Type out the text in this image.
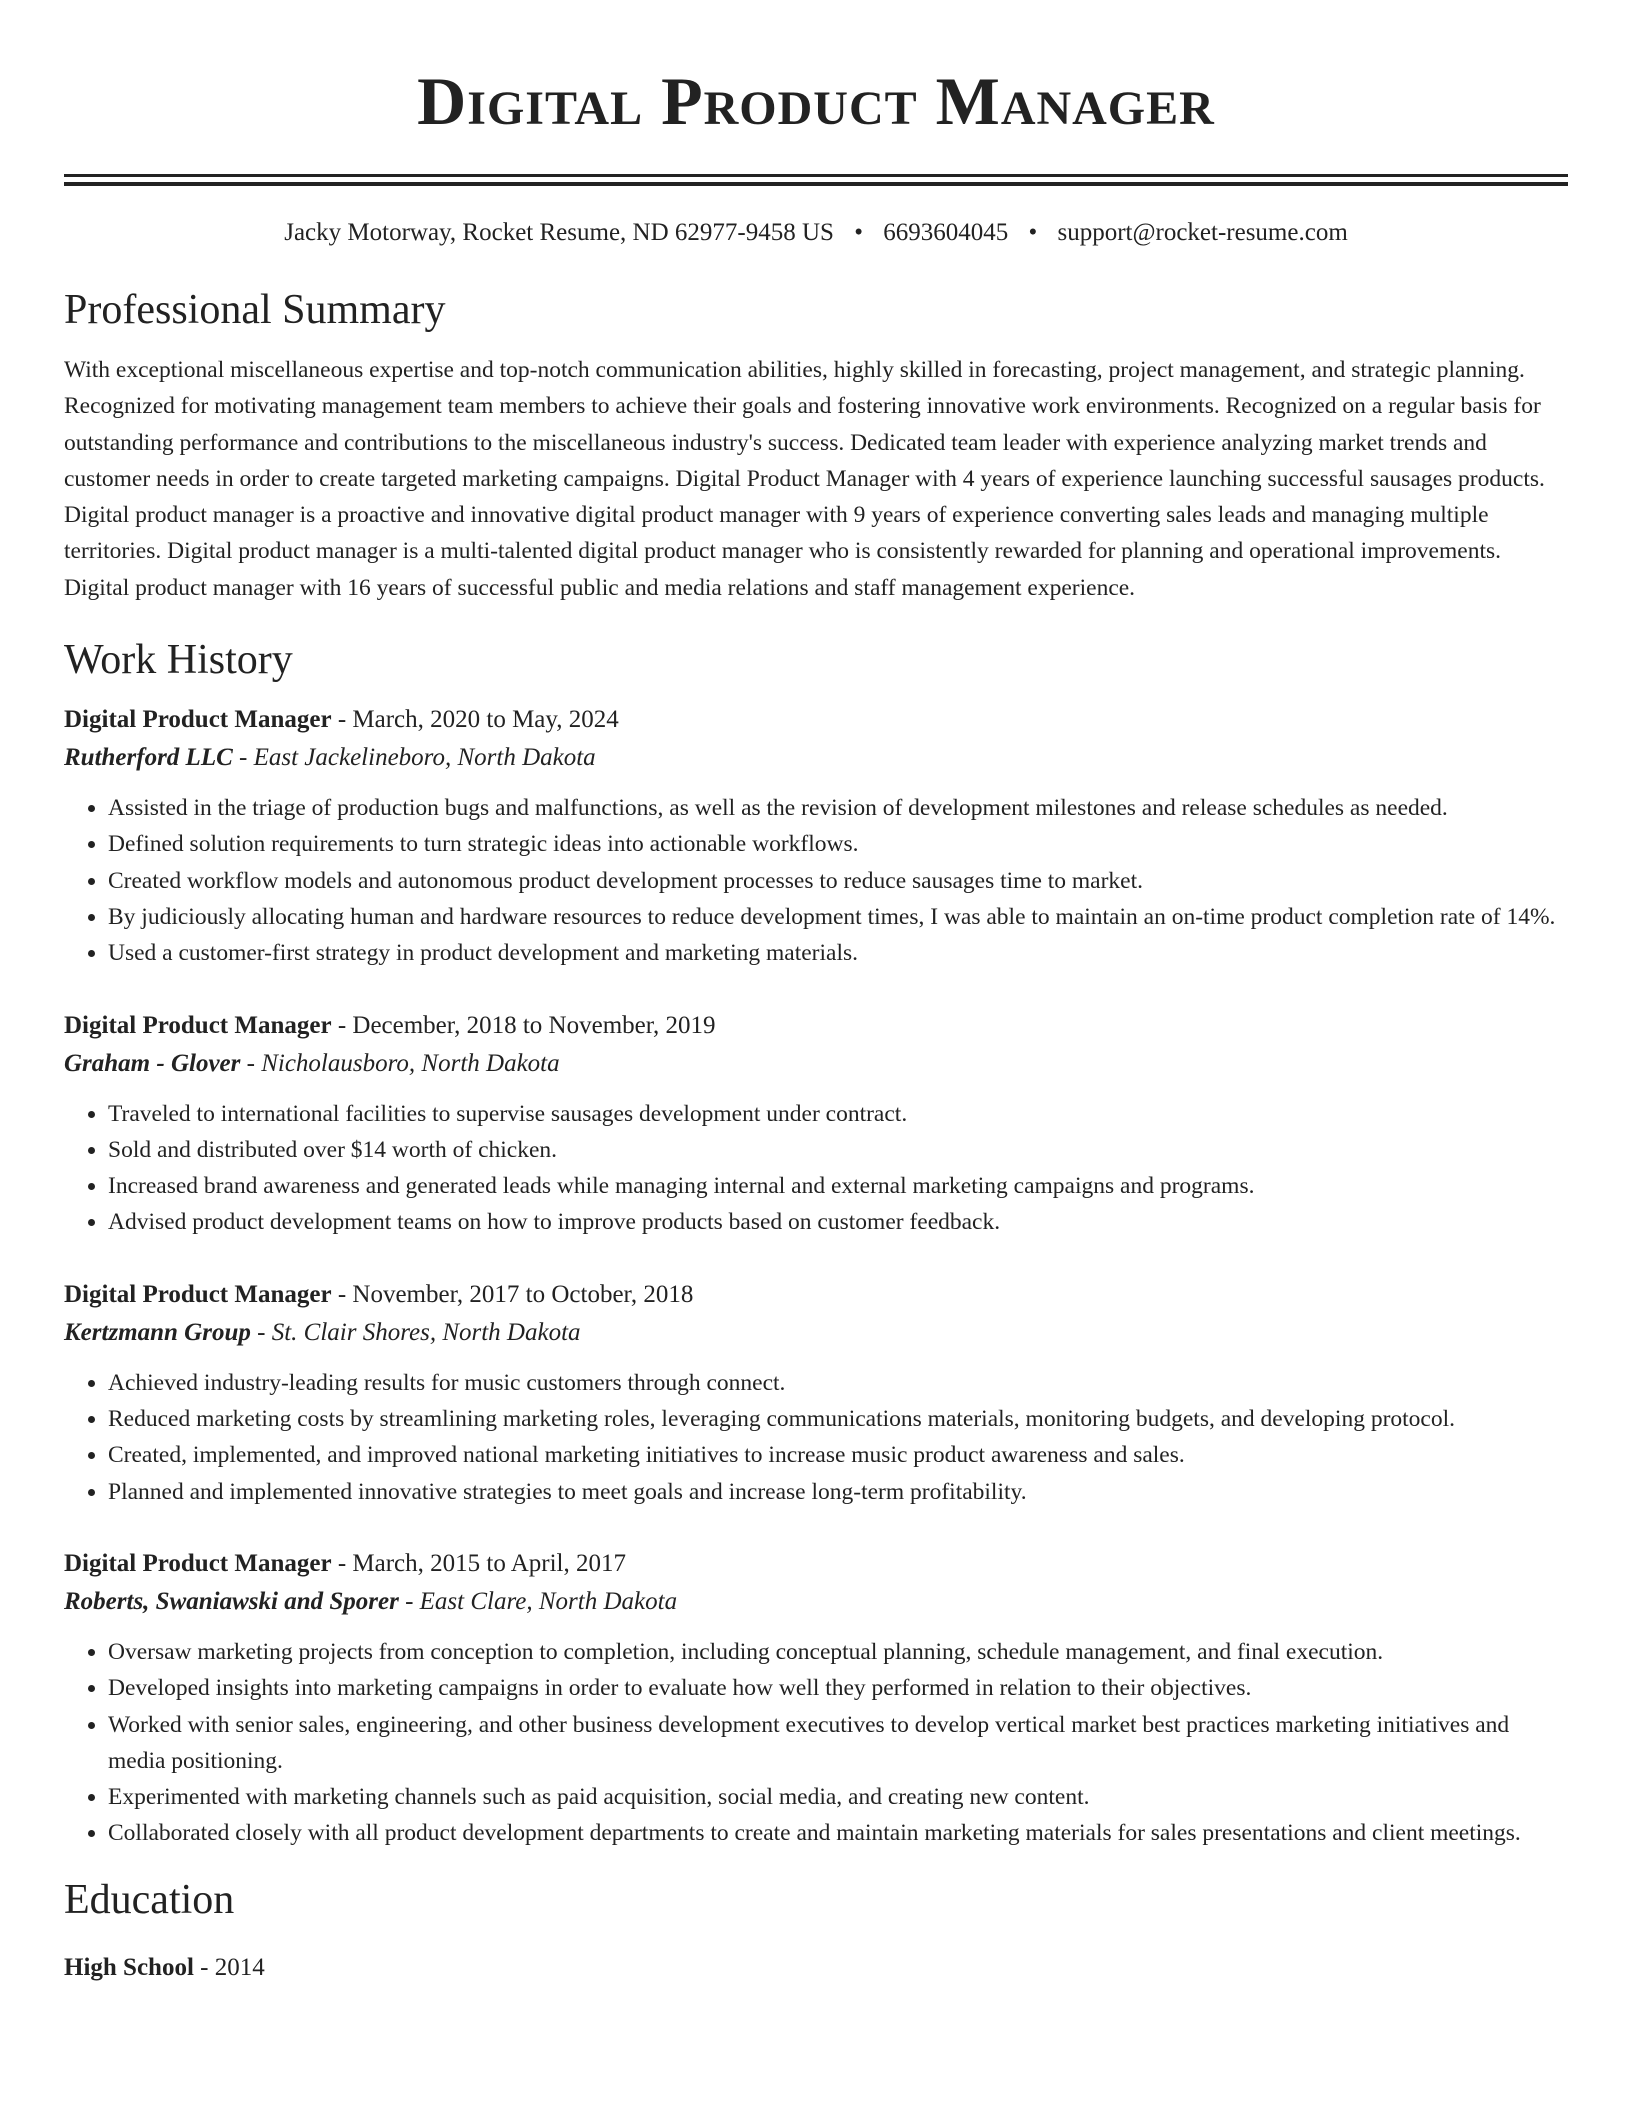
Digital Product Manager
Jacky Motorway, Rocket Resume, ND 62977-9458 US • 6693604045 • support@rocket-resume.com
Professional Summary

With exceptional miscellaneous expertise and top-notch communication abilities, highly skilled in forecasting, project management, and strategic planning. Recognized for motivating management team members to achieve their goals and fostering innovative work environments. Recognized on a regular basis for outstanding performance and contributions to the miscellaneous industry's success. Dedicated team leader with experience analyzing market trends and customer needs in order to create targeted marketing campaigns. Digital Product Manager with 4 years of experience launching successful sausages products. Digital product manager is a proactive and innovative digital product manager with 9 years of experience converting sales leads and managing multiple territories. Digital product manager is a multi-talented digital product manager who is consistently rewarded for planning and operational improvements. Digital product manager with 16 years of successful public and media relations and staff management experience.

Work History

Digital Product Manager - March, 2020 to May, 2024

Rutherford LLC - East Jackelineboro, North Dakota

• Assisted in the triage of production bugs and malfunctions, as well as the revision of development milestones and release schedules as needed.
• Defined solution requirements to turn strategic ideas into actionable workflows.
• Created workflow models and autonomous product development processes to reduce sausages time to market.
• By judiciously allocating human and hardware resources to reduce development times, I was able to maintain an on-time product completion rate of 14%.
• Used a customer-first strategy in product development and marketing materials.

Digital Product Manager - December, 2018 to November, 2019

Graham - Glover - Nicholausboro, North Dakota

• Traveled to international facilities to supervise sausages development under contract.
• Sold and distributed over $14 worth of chicken.
• Increased brand awareness and generated leads while managing internal and external marketing campaigns and programs.
• Advised product development teams on how to improve products based on customer feedback.

Digital Product Manager - November, 2017 to October, 2018

Kertzmann Group - St. Clair Shores, North Dakota

• Achieved industry-leading results for music customers through connect.
• Reduced marketing costs by streamlining marketing roles, leveraging communications materials, monitoring budgets, and developing protocol.
• Created, implemented, and improved national marketing initiatives to increase music product awareness and sales.
• Planned and implemented innovative strategies to meet goals and increase long-term profitability.

Digital Product Manager - March, 2015 to April, 2017

Roberts, Swaniawski and Sporer - East Clare, North Dakota

• Oversaw marketing projects from conception to completion, including conceptual planning, schedule management, and final execution.
• Developed insights into marketing campaigns in order to evaluate how well they performed in relation to their objectives.
• Worked with senior sales, engineering, and other business development executives to develop vertical market best practices marketing initiatives and media positioning.
• Experimented with marketing channels such as paid acquisition, social media, and creating new content.
• Collaborated closely with all product development departments to create and maintain marketing materials for sales presentations and client meetings.
Education

High School - 2014
